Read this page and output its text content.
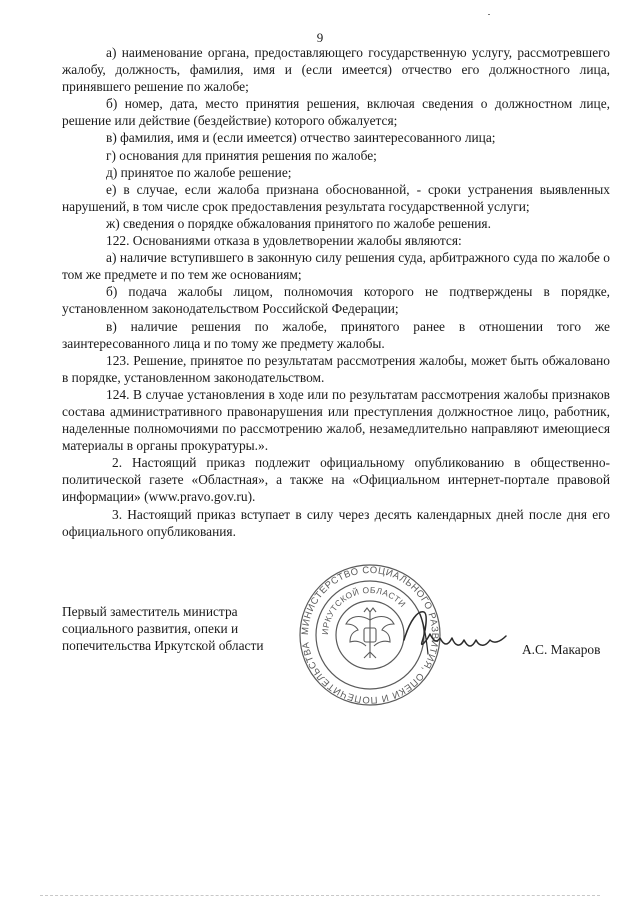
9

а) наименование органа, предоставляющего государственную услугу, рассмотревшего жалобу, должность, фамилия, имя и (если имеется) отчество его должностного лица, принявшего решение по жалобе;

б) номер, дата, место принятия решения, включая сведения о должностном лице, решение или действие (бездействие) которого обжалуется;

в) фамилия, имя и (если имеется) отчество заинтересованного лица;

г) основания для принятия решения по жалобе;

д) принятое по жалобе решение;

е) в случае, если жалоба признана обоснованной, - сроки устранения выявленных нарушений, в том числе срок предоставления результата государственной услуги;

ж) сведения о порядке обжалования принятого по жалобе решения.

122. Основаниями отказа в удовлетворении жалобы являются:

а) наличие вступившего в законную силу решения суда, арбитражного суда по жалобе о том же предмете и по тем же основаниям;

б) подача жалобы лицом, полномочия которого не подтверждены в порядке, установленном законодательством Российской Федерации;

в) наличие решения по жалобе, принятого ранее в отношении того же заинтересованного лица и по тому же предмету жалобы.

123. Решение, принятое по результатам рассмотрения жалобы, может быть обжаловано в порядке, установленном законодательством.

124. В случае установления в ходе или по результатам рассмотрения жалобы признаков состава административного правонарушения или преступления должностное лицо, работник, наделенные полномочиями по рассмотрению жалоб, незамедлительно направляют имеющиеся материалы в органы прокуратуры.».

2. Настоящий приказ подлежит официальному опубликованию в общественно-политической газете «Областная», а также на «Официальном интернет-портале правовой информации» (www.pravo.gov.ru).

3. Настоящий приказ вступает в силу через десять календарных дней после дня его официального опубликования.

Первый заместитель министра
социального развития, опеки и
попечительства Иркутской области
МИНИСТЕРСТВО СОЦИАЛЬНОГО РАЗВИТИЯ, ОПЕКИ И ПОПЕЧИТЕЛЬСТВА
ИРКУТСКОЙ ОБЛАСТИ
А.С. Макаров
